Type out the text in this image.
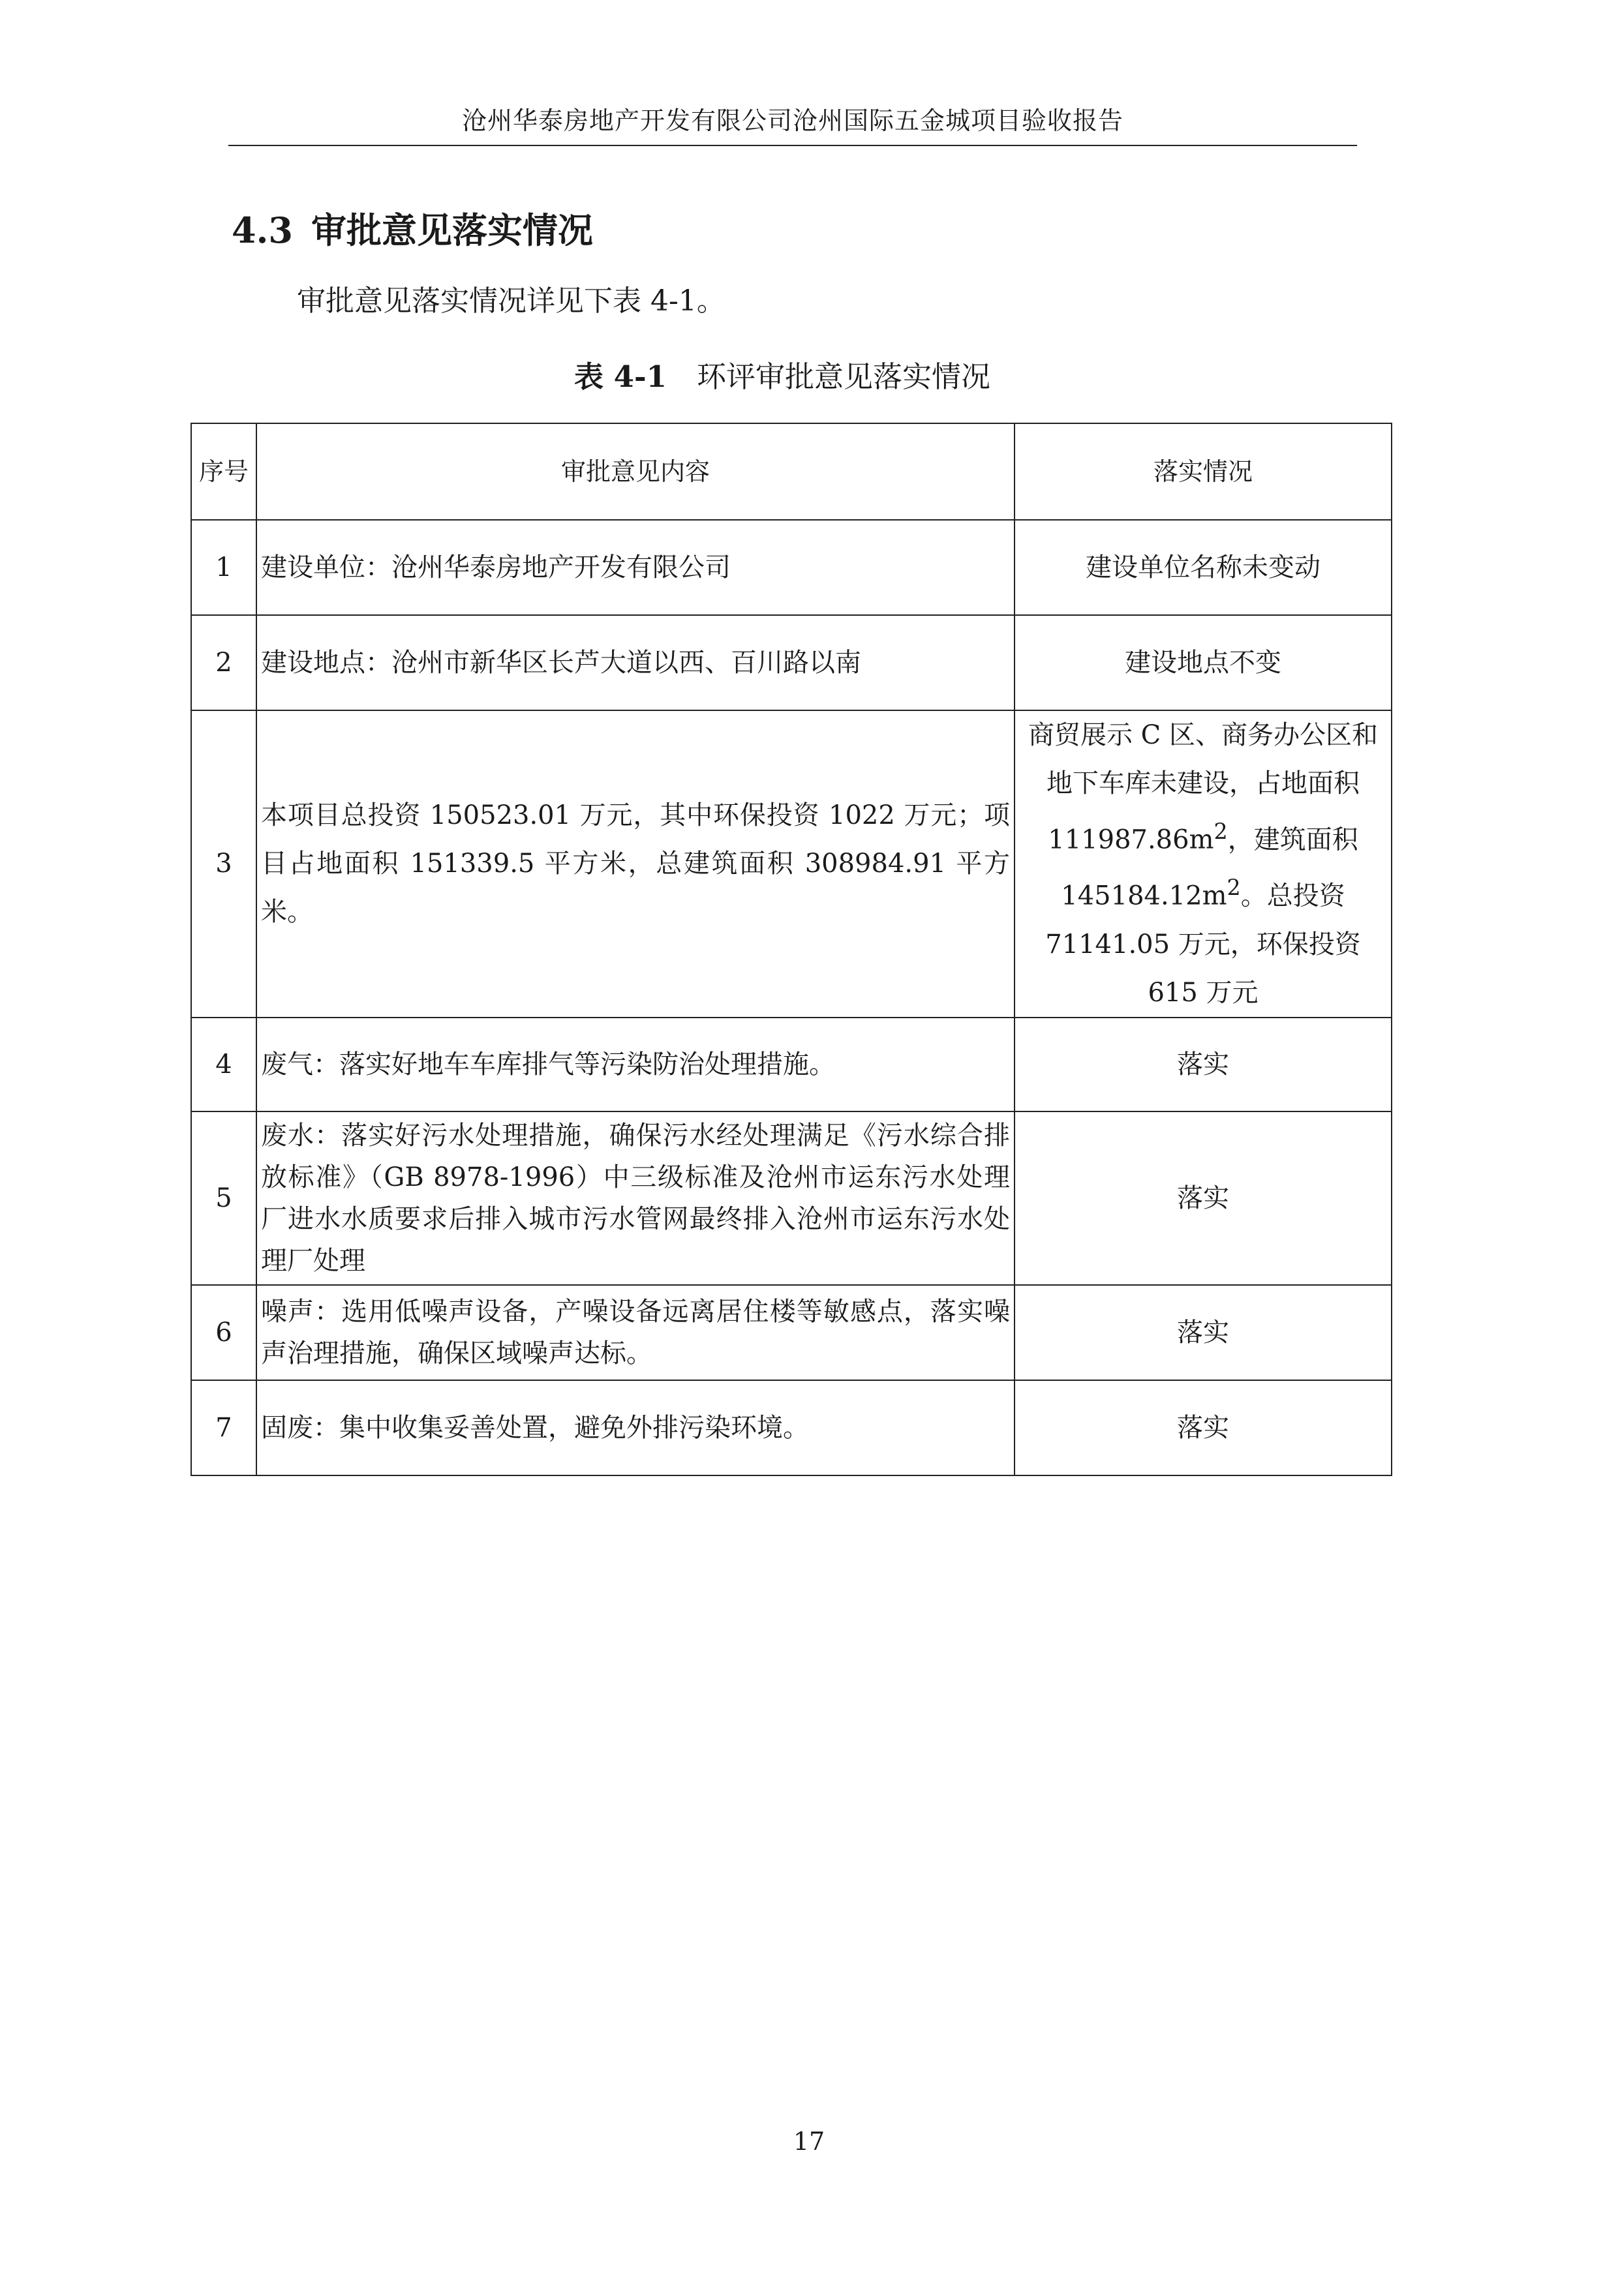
沧州华泰房地产开发有限公司沧州国际五金城项目验收报告
4.3 审批意见落实情况
审批意见落实情况详见下表 4-1。
表 4-1 环评审批意见落实情况
序号	审批意见内容	落实情况
1	建设单位：沧州华泰房地产开发有限公司	建设单位名称未变动
2	建设地点：沧州市新华区长芦大道以西、百川路以南	建设地点不变
3	本项目总投资 150523.01 万元，其中环保投资 1022 万元；项目占地面积 151339.5 平方米，总建筑面积 308984.91 平方米。	商贸展示 C 区、商务办公区和地下车库未建设，占地面积 $111987.86m^2$，建筑面积 $145184.12m^2$。总投资 71141.05 万元，环保投资 615 万元
4	废气：落实好地车车库排气等污染防治处理措施。	落实
5	废水：落实好污水处理措施，确保污水经处理满足《污水综合排放标准》（GB 8978-1996）中三级标准及沧州市运东污水处理厂进水水质要求后排入城市污水管网最终排入沧州市运东污水处理厂处理	落实
6	噪声：选用低噪声设备，产噪设备远离居住楼等敏感点，落实噪声治理措施，确保区域噪声达标。	落实
7	固废：集中收集妥善处置，避免外排污染环境。	落实
17
